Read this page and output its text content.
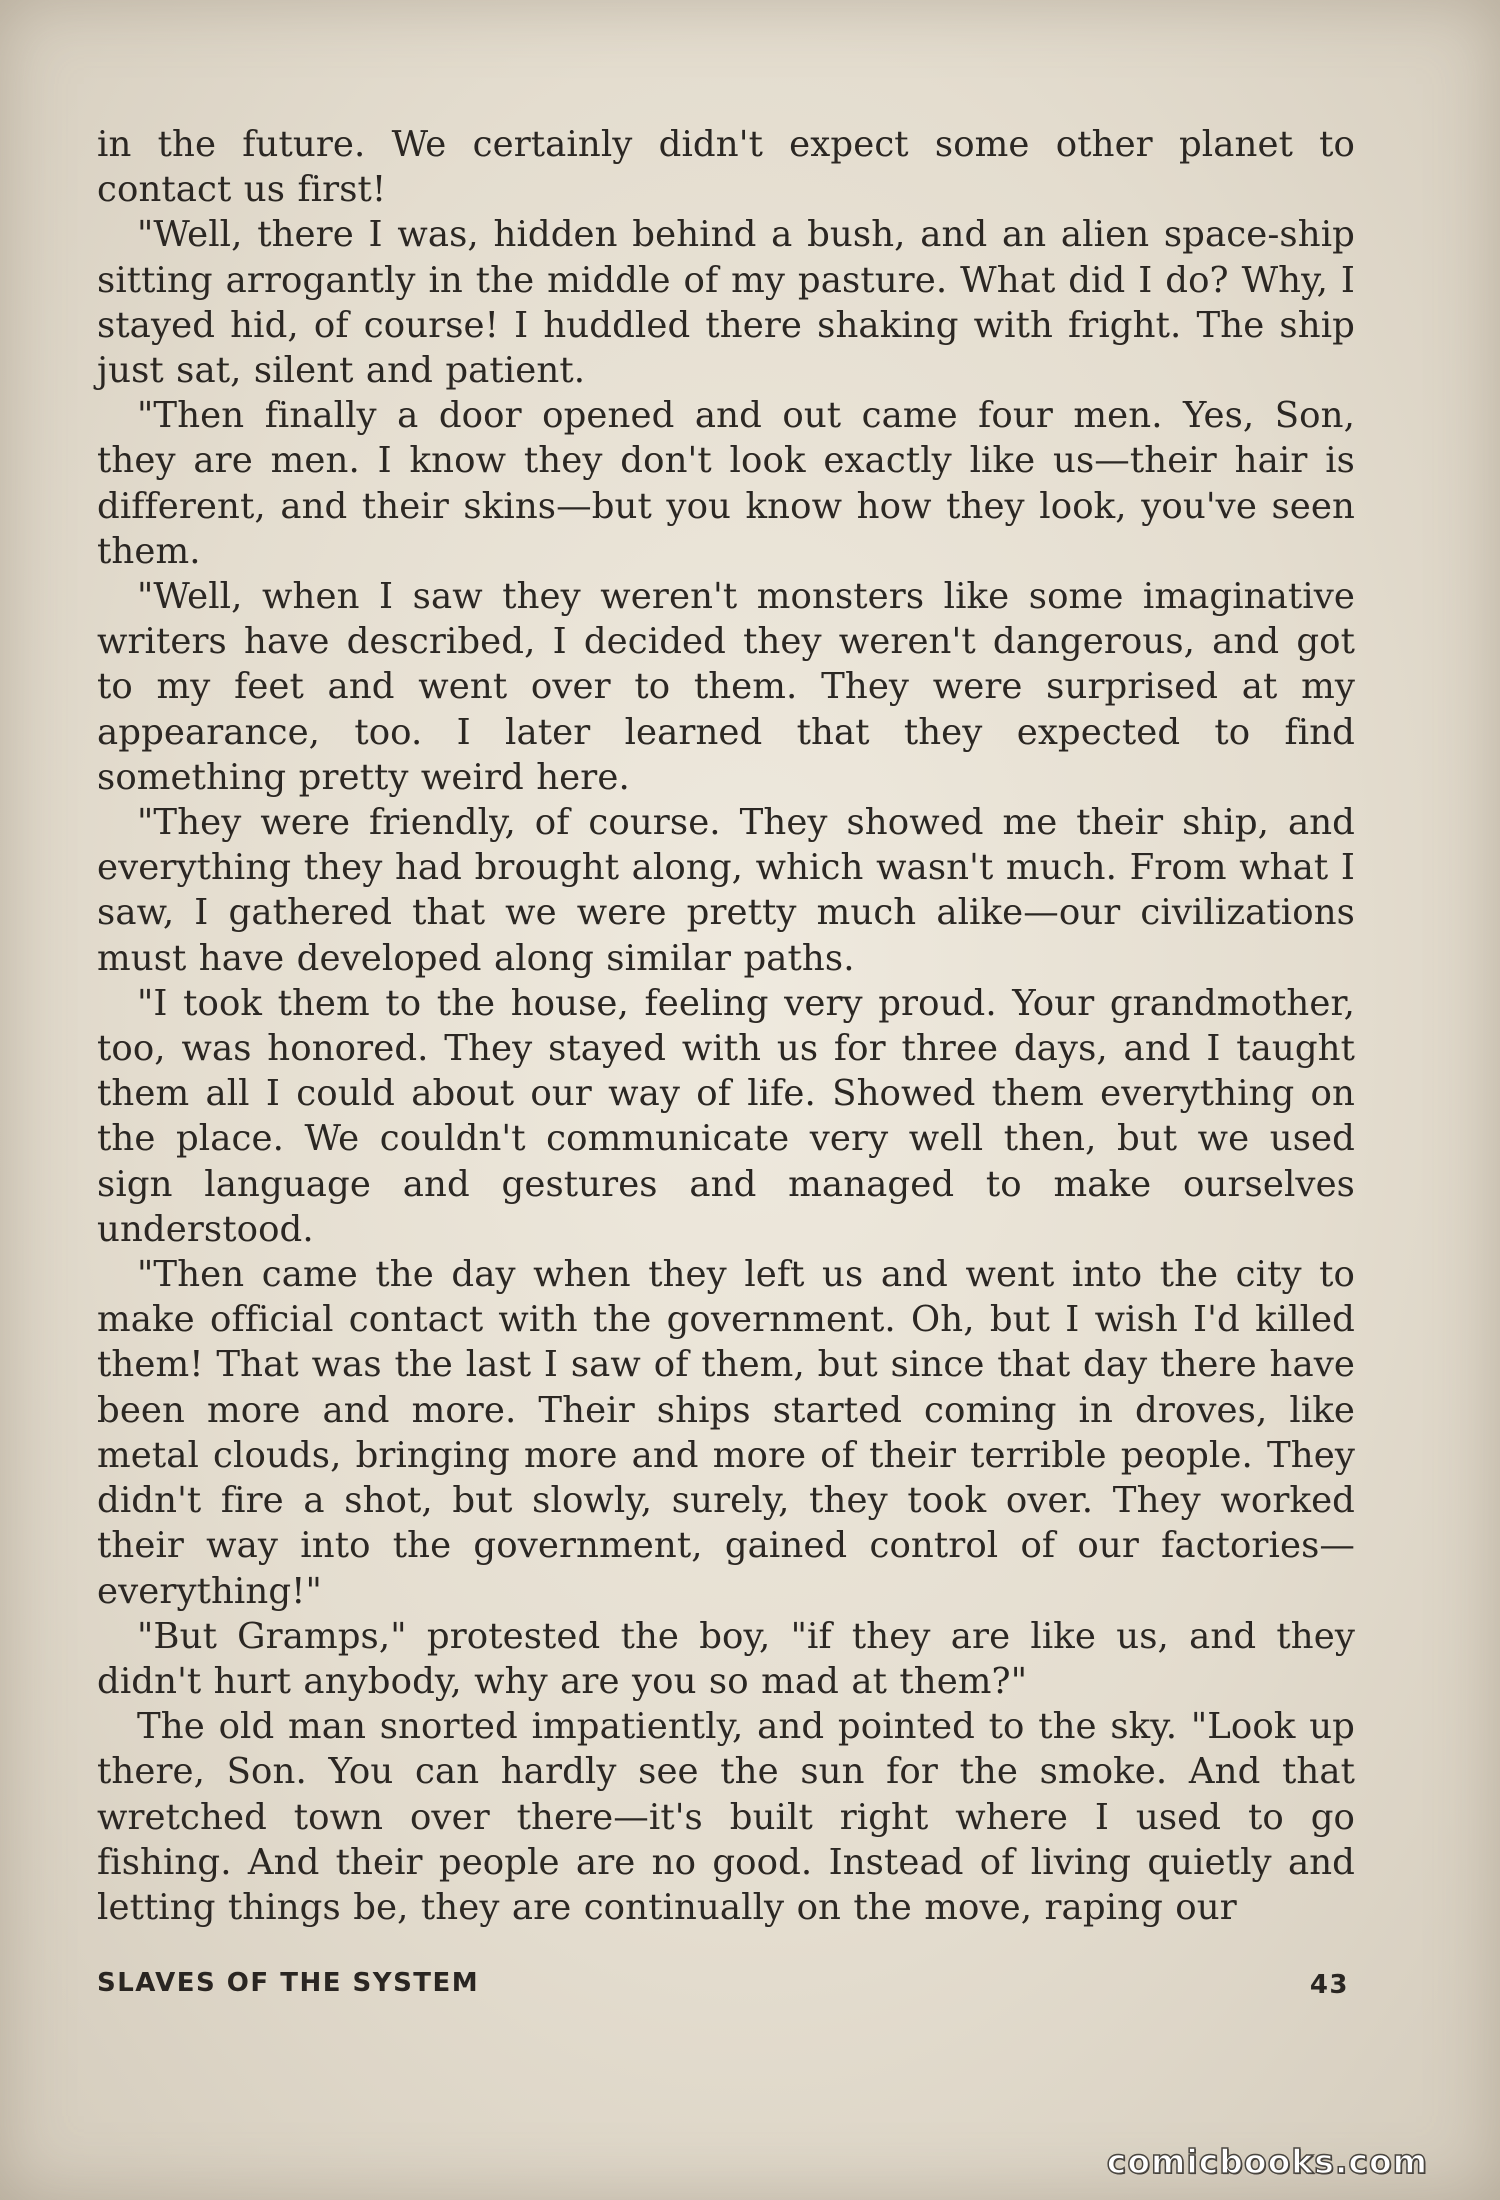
in the future. We certainly didn't expect some other planet to contact us first!

"Well, there I was, hidden behind a bush, and an alien space-ship sitting arrogantly in the middle of my pasture. What did I do? Why, I stayed hid, of course! I huddled there shaking with fright. The ship just sat, silent and patient.

"Then finally a door opened and out came four men. Yes, Son, they are men. I know they don't look exactly like us—their hair is different, and their skins—but you know how they look, you've seen them.

"Well, when I saw they weren't monsters like some imaginative writers have described, I decided they weren't dangerous, and got to my feet and went over to them. They were surprised at my appearance, too. I later learned that they expected to find something pretty weird here.

"They were friendly, of course. They showed me their ship, and everything they had brought along, which wasn't much. From what I saw, I gathered that we were pretty much alike—our civilizations must have developed along similar paths.

"I took them to the house, feeling very proud. Your grandmother, too, was honored. They stayed with us for three days, and I taught them all I could about our way of life. Showed them everything on the place. We couldn't communicate very well then, but we used sign language and gestures and managed to make ourselves understood.

"Then came the day when they left us and went into the city to make official contact with the government. Oh, but I wish I'd killed them! That was the last I saw of them, but since that day there have been more and more. Their ships started coming in droves, like metal clouds, bringing more and more of their terrible people. They didn't fire a shot, but slowly, surely, they took over. They worked their way into the government, gained control of our factories—everything!"

"But Gramps," protested the boy, "if they are like us, and they didn't hurt anybody, why are you so mad at them?"

The old man snorted impatiently, and pointed to the sky. "Look up there, Son. You can hardly see the sun for the smoke. And that wretched town over there—it's built right where I used to go fishing. And their people are no good. Instead of living quietly and letting things be, they are continually on the move, raping our

SLAVES OF THE SYSTEM	43
comicbooks.com
